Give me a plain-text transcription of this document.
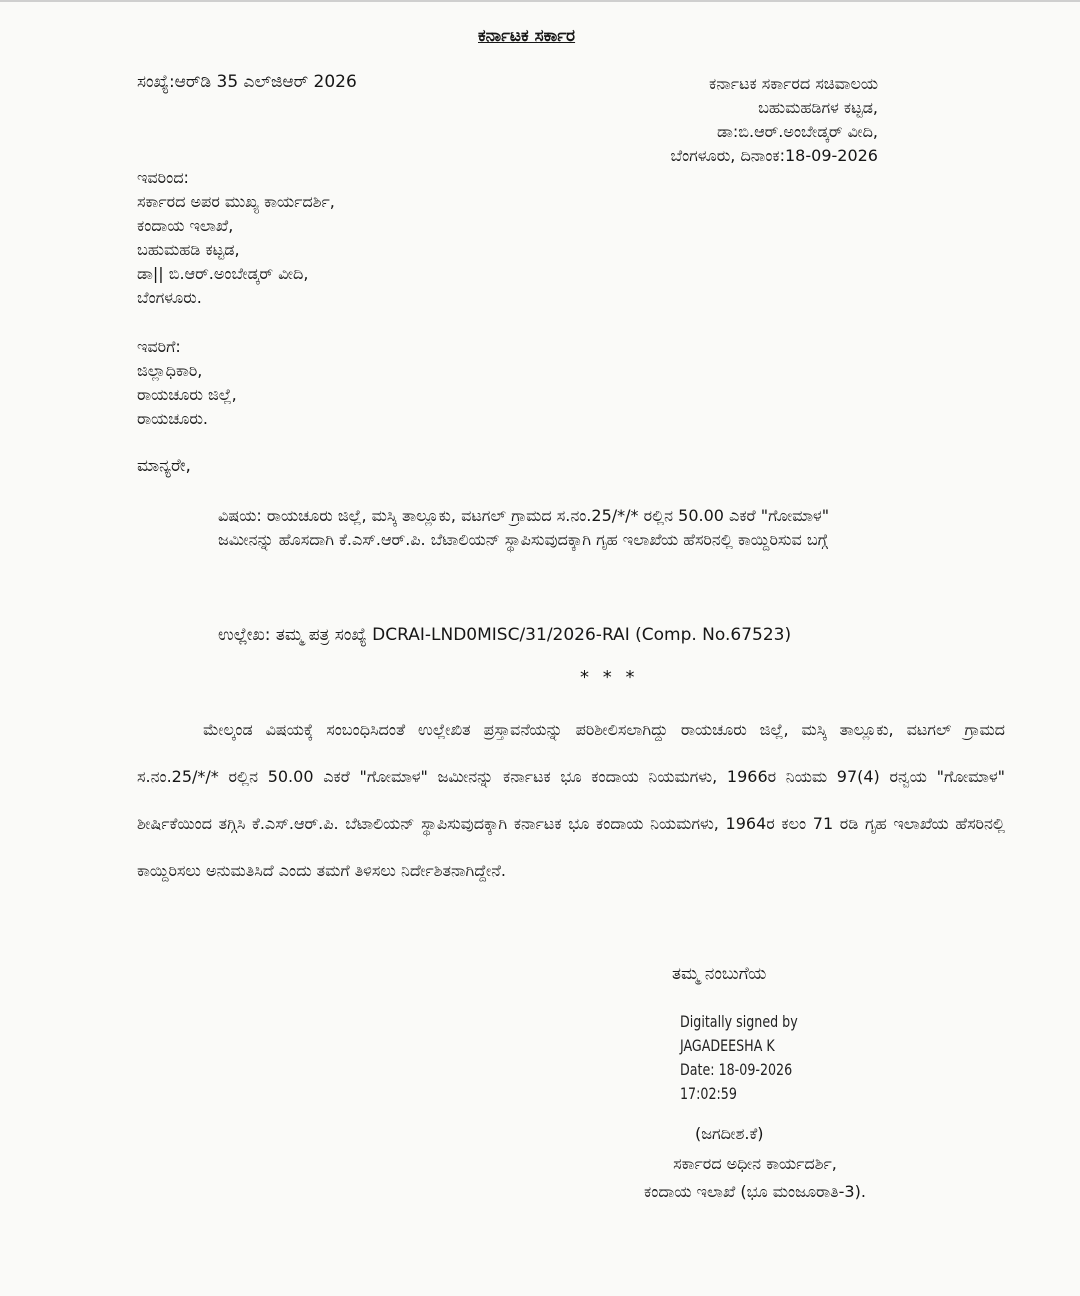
ಕರ್ನಾಟಕ ಸರ್ಕಾರ

ಸಂಖ್ಯೆ:ಆರ್‌ಡಿ 35 ಎಲ್‌ಜಿಆರ್ 2026	ಕರ್ನಾಟಕ ಸರ್ಕಾರದ ಸಚಿವಾಲಯ
ಬಹುಮಹಡಿಗಳ ಕಟ್ಟಡ,
ಡಾ:ಬಿ.ಆರ್.ಅಂಬೇಡ್ಕರ್ ವೀದಿ,
ಬೆಂಗಳೂರು, ದಿನಾಂಕ:18-09-2026
ಇವರಿಂದ:
ಸರ್ಕಾರದ ಅಪರ ಮುಖ್ಯ ಕಾರ್ಯದರ್ಶಿ,
ಕಂದಾಯ ಇಲಾಖೆ,
ಬಹುಮಹಡಿ ಕಟ್ಟಡ,
ಡಾ|| ಬಿ.ಆರ್.ಅಂಬೇಡ್ಕರ್ ವೀದಿ,
ಬೆಂಗಳೂರು.
ಇವರಿಗೆ:
ಜಿಲ್ಲಾಧಿಕಾರಿ,
ರಾಯಚೂರು ಜಿಲ್ಲೆ,
ರಾಯಚೂರು.

ಮಾನ್ಯರೇ,

ವಿಷಯ: ರಾಯಚೂರು ಜಿಲ್ಲೆ, ಮಸ್ಕಿ ತಾಲ್ಲೂಕು, ವಟಗಲ್ ಗ್ರಾಮದ ಸ.ನಂ.25/*/* ರಲ್ಲಿನ 50.00 ಎಕರೆ "ಗೋಮಾಳ" ಜಮೀನನ್ನು ಹೊಸದಾಗಿ ಕೆ.ಎಸ್.ಆರ್.ಪಿ. ಬೆಟಾಲಿಯನ್ ಸ್ಥಾಪಿಸುವುದಕ್ಕಾಗಿ ಗೃಹ ಇಲಾಖೆಯ ಹೆಸರಿನಲ್ಲಿ ಕಾಯ್ದಿರಿಸುವ ಬಗ್ಗೆ
ಉಲ್ಲೇಖ: ತಮ್ಮ ಪತ್ರ ಸಂಖ್ಯೆ DCRAI-LND0MISC/31/2026-RAI (Comp. No.67523)

* * *

ಮೇಲ್ಕಂಡ ವಿಷಯಕ್ಕೆ ಸಂಬಂಧಿಸಿದಂತೆ ಉಲ್ಲೇಖಿತ ಪ್ರಸ್ತಾವನೆಯನ್ನು ಪರಿಶೀಲಿಸಲಾಗಿದ್ದು ರಾಯಚೂರು ಜಿಲ್ಲೆ, ಮಸ್ಕಿ ತಾಲ್ಲೂಕು, ವಟಗಲ್ ಗ್ರಾಮದ ಸ.ನಂ.25/*/* ರಲ್ಲಿನ 50.00 ಎಕರೆ "ಗೋಮಾಳ" ಜಮೀನನ್ನು ಕರ್ನಾಟಕ ಭೂ ಕಂದಾಯ ನಿಯಮಗಳು, 1966ರ ನಿಯಮ 97(4) ರನ್ವಯ "ಗೋಮಾಳ" ಶೀರ್ಷಿಕೆಯಿಂದ ತಗ್ಗಿಸಿ ಕೆ.ಎಸ್.ಆರ್.ಪಿ. ಬೆಟಾಲಿಯನ್ ಸ್ಥಾಪಿಸುವುದಕ್ಕಾಗಿ ಕರ್ನಾಟಕ ಭೂ ಕಂದಾಯ ನಿಯಮಗಳು, 1964ರ ಕಲಂ 71 ರಡಿ ಗೃಹ ಇಲಾಖೆಯ ಹೆಸರಿನಲ್ಲಿ ಕಾಯ್ದಿರಿಸಲು ಅನುಮತಿಸಿದೆ ಎಂದು ತಮಗೆ ತಿಳಿಸಲು ನಿರ್ದೇಶಿತನಾಗಿದ್ದೇನೆ.

ತಮ್ಮ ನಂಬುಗೆಯ

Digitally signed by
JAGADEESHA K
Date: 18-09-2026
17:02:59

(ಜಗದೀಶ.ಕೆ)

ಸರ್ಕಾರದ ಅಧೀನ ಕಾರ್ಯದರ್ಶಿ,
ಕಂದಾಯ ಇಲಾಖೆ (ಭೂ ಮಂಜೂರಾತಿ-3).
